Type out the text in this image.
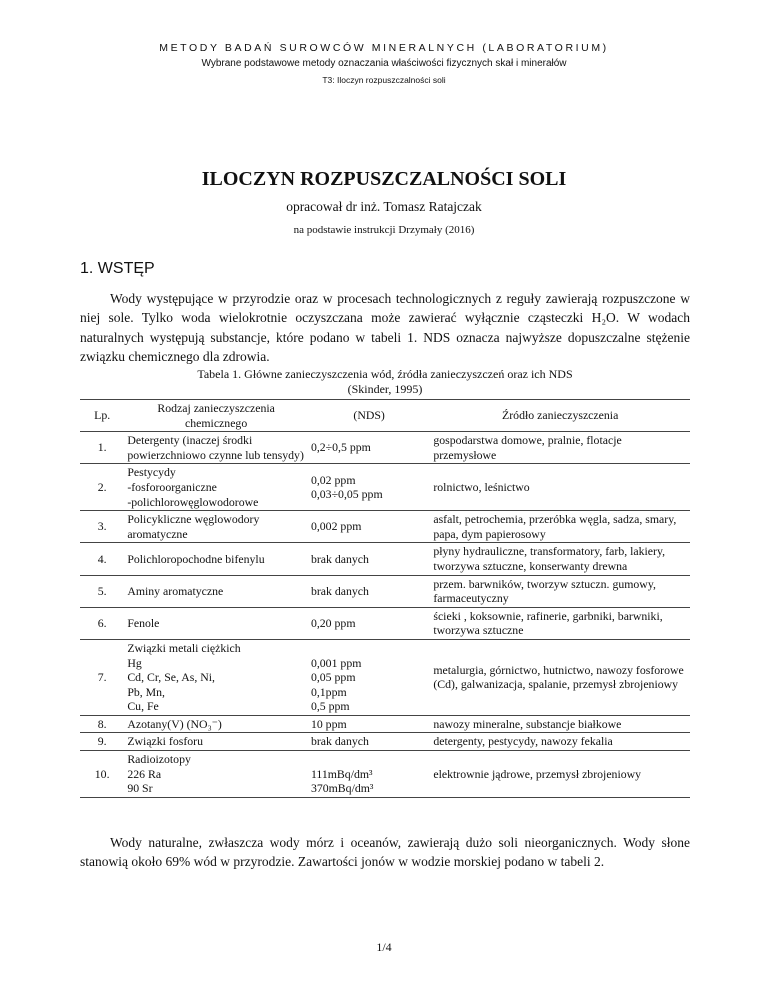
METODY BADAŃ SUROWCÓW MINERALNYCH (LABORATORIUM)
Wybrane podstawowe metody oznaczania właściwości fizycznych skał i minerałów
T3: Iloczyn rozpuszczalności soli
ILOCZYN ROZPUSZCZALNOŚCI SOLI
opracował dr inż. Tomasz Ratajczak
na podstawie instrukcji Drzymały (2016)
1. WSTĘP
Wody występujące w przyrodzie oraz w procesach technologicznych z reguły zawierają rozpuszczone w niej sole. Tylko woda wielokrotnie oczyszczana może zawierać wyłącznie cząsteczki H₂O. W wodach naturalnych występują substancje, które podano w tabeli 1. NDS oznacza najwyższe dopuszczalne stężenie związku chemicznego dla zdrowia.
Tabela 1. Główne zanieczyszczenia wód, źródła zanieczyszczeń oraz ich NDS
(Skinder, 1995)
Lp.	Rodzaj zanieczyszczenia chemicznego	(NDS)	Źródło zanieczyszczenia
1.	Detergenty (inaczej środki powierzchniowo czynne lub tensydy)	0,2÷0,5 ppm	gospodarstwa domowe, pralnie, flotacje przemysłowe
2.	Pestycydy
-fosforoorganiczne
-polichlorowęglowodorowe	0,02 ppm
0,03÷0,05 ppm	rolnictwo, leśnictwo
3.	Policykliczne węglowodory aromatyczne	0,002 ppm	asfalt, petrochemia, przeróbka węgla, sadza, smary, papa, dym papierosowy
4.	Polichloropochodne bifenylu	brak danych	płyny hydrauliczne, transformatory, farb, lakiery, tworzywa sztuczne, konserwanty drewna
5.	Aminy aromatyczne	brak danych	przem. barwników, tworzyw sztuczn. gumowy, farmaceutyczny
6.	Fenole	0,20 ppm	ścieki , koksownie, rafinerie, garbniki, barwniki, tworzywa sztuczne
7.	Związki metali ciężkich
Hg
Cd, Cr, Se, As, Ni,
Pb, Mn,
Cu, Fe	0,001 ppm
0,05 ppm
0,1ppm
0,5 ppm	metalurgia, górnictwo, hutnictwo, nawozy fosforowe (Cd), galwanizacja, spalanie, przemysł zbrojeniowy
8.	Azotany(V) (NO₃⁻)	10 ppm	nawozy mineralne, substancje białkowe
9.	Związki fosforu	brak danych	detergenty, pestycydy, nawozy fekalia
10.	Radioizotopy
226 Ra
90 Sr	111mBq/dm³
370mBq/dm³	elektrownie jądrowe, przemysł zbrojeniowy
Wody naturalne, zwłaszcza wody mórz i oceanów, zawierają dużo soli nieorganicznych. Wody słone stanowią około 69% wód w przyrodzie. Zawartości jonów w wodzie morskiej podano w tabeli 2.
1/4
